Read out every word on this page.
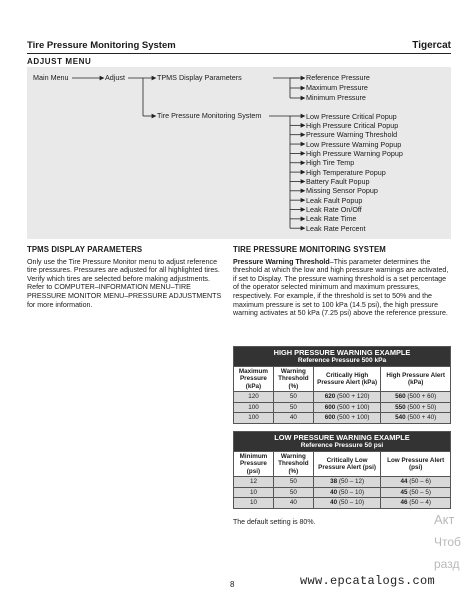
Tire Pressure Monitoring System	Tigercat
ADJUST MENU
Main Menu	Adjust	TPMS Display Parameters
Tire Pressure Monitoring System
Reference Pressure
Maximum Pressure
Minimum Pressure
Low Pressure Critical Popup
High Pressure Critical Popup
Pressure Warning Threshold
Low Pressure Warning Popup
High Pressure Warning Popup
High Tire Temp
High Temperature Popup
Battery Fault Popup
Missing Sensor Popup
Leak Fault Popup
Leak Rate On/Off
Leak Rate Time
Leak Rate Percent
TPMS DISPLAY PARAMETERS

Only use the Tire Pressure Monitor menu to adjust reference tire pressures. Pressures are adjusted for all highlighted tires. Verify which tires are selected before making adjustments. Refer to COMPUTER–INFORMATION MENU–TIRE PRESSURE MONITOR MENU–PRESSURE ADJUSTMENTS for more information.

TIRE PRESSURE MONITORING SYSTEM

Pressure Warning Threshold–This parameter determines the threshold at which the low and high pressure warnings are activated, if set to Display. The pressure warning threshold is a set percentage of the operator selected minimum and maximum pressures, respectively. For example, if the threshold is set to 50% and the maximum pressure is set to 100 kPa (14.5 psi), the high pressure warning activates at 50 kPa (7.25 psi) above the reference pressure.

HIGH PRESSURE WARNING EXAMPLE
Reference Pressure 500 kPa			

Maximum Pressure (kPa)	Warning Threshold (%)	Critically High Pressure Alert (kPa)	High Pressure Alert (kPa)
120	50	620 (500 + 120)	560 (500 + 60)
100	50	600 (500 + 100)	550 (500 + 50)
100	40	600 (500 + 100)	540 (500 + 40)
LOW PRESSURE WARNING EXAMPLE
Reference Pressure 50 psi			

Minimum Pressure (psi)	Warning Threshold (%)	Critically Low Pressure Alert (psi)	Low Pressure Alert (psi)
12	50	38 (50 – 12)	44 (50 – 6)
10	50	40 (50 – 10)	45 (50 – 5)
10	40	40 (50 – 10)	46 (50 – 4)
The default setting is 80%.
8	www.epcatalogs.com
Акт
Чтоб
разд
